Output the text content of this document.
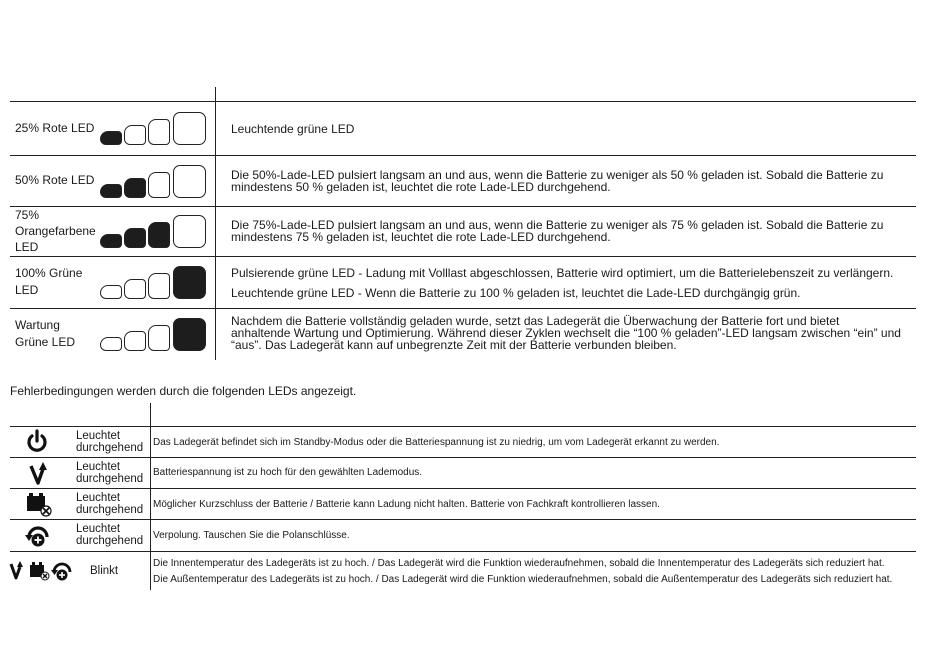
25% Rote LED	Leuchtende grüne LED
50% Rote LED	Die 50%-Lade-LED pulsiert langsam an und aus, wenn die Batterie zu weniger als 50 % geladen ist. Sobald die Batterie zu mindestens 50 % geladen ist, leuchtet die rote Lade-LED durchgehend.
75% Orangefarbene LED
Die 75%-Lade-LED pulsiert langsam an und aus, wenn die Batterie zu weniger als 75 % geladen ist. Sobald die Batterie zu mindestens 75 % geladen ist, leuchtet die rote Lade-LED durchgehend.
100% Grüne LED
Pulsierende grüne LED - Ladung mit Volllast abgeschlossen, Batterie wird optimiert, um die Batterielebenszeit zu verlängern.
Leuchtende grüne LED - Wenn die Batterie zu 100 % geladen ist, leuchtet die Lade-LED durchgängig grün.
Wartung Grüne LED
Nachdem die Batterie vollständig geladen wurde, setzt das Ladegerät die Überwachung der Batterie fort und bietet anhaltende Wartung und Optimierung. Während dieser Zyklen wechselt die “100 % geladen”-LED langsam zwischen “ein” und “aus”. Das Ladegerät kann auf unbegrenzte Zeit mit der Batterie verbunden bleiben.
Fehlerbedingungen werden durch die folgenden LEDs angezeigt.
Leuchtet durchgehend Das Ladegerät befindet sich im Standby-Modus oder die Batteriespannung ist zu niedrig, um vom Ladegerät erkannt zu werden.
Leuchtet durchgehend
Batteriespannung ist zu hoch für den gewählten Lademodus.
Leuchtet durchgehend Möglicher Kurzschluss der Batterie / Batterie kann Ladung nicht halten. Batterie von Fachkraft kontrollieren lassen.
Leuchtet durchgehend Verpolung. Tauschen Sie die Polanschlüsse.
Blinkt
Die Innentemperatur des Ladegeräts ist zu hoch. / Das Ladegerät wird die Funktion wiederaufnehmen, sobald die Innentemperatur des Ladegeräts sich reduziert hat.
Die Außentemperatur des Ladegeräts ist zu hoch. / Das Ladegerät wird die Funktion wiederaufnehmen, sobald die Außentemperatur des Ladegeräts sich reduziert hat.
